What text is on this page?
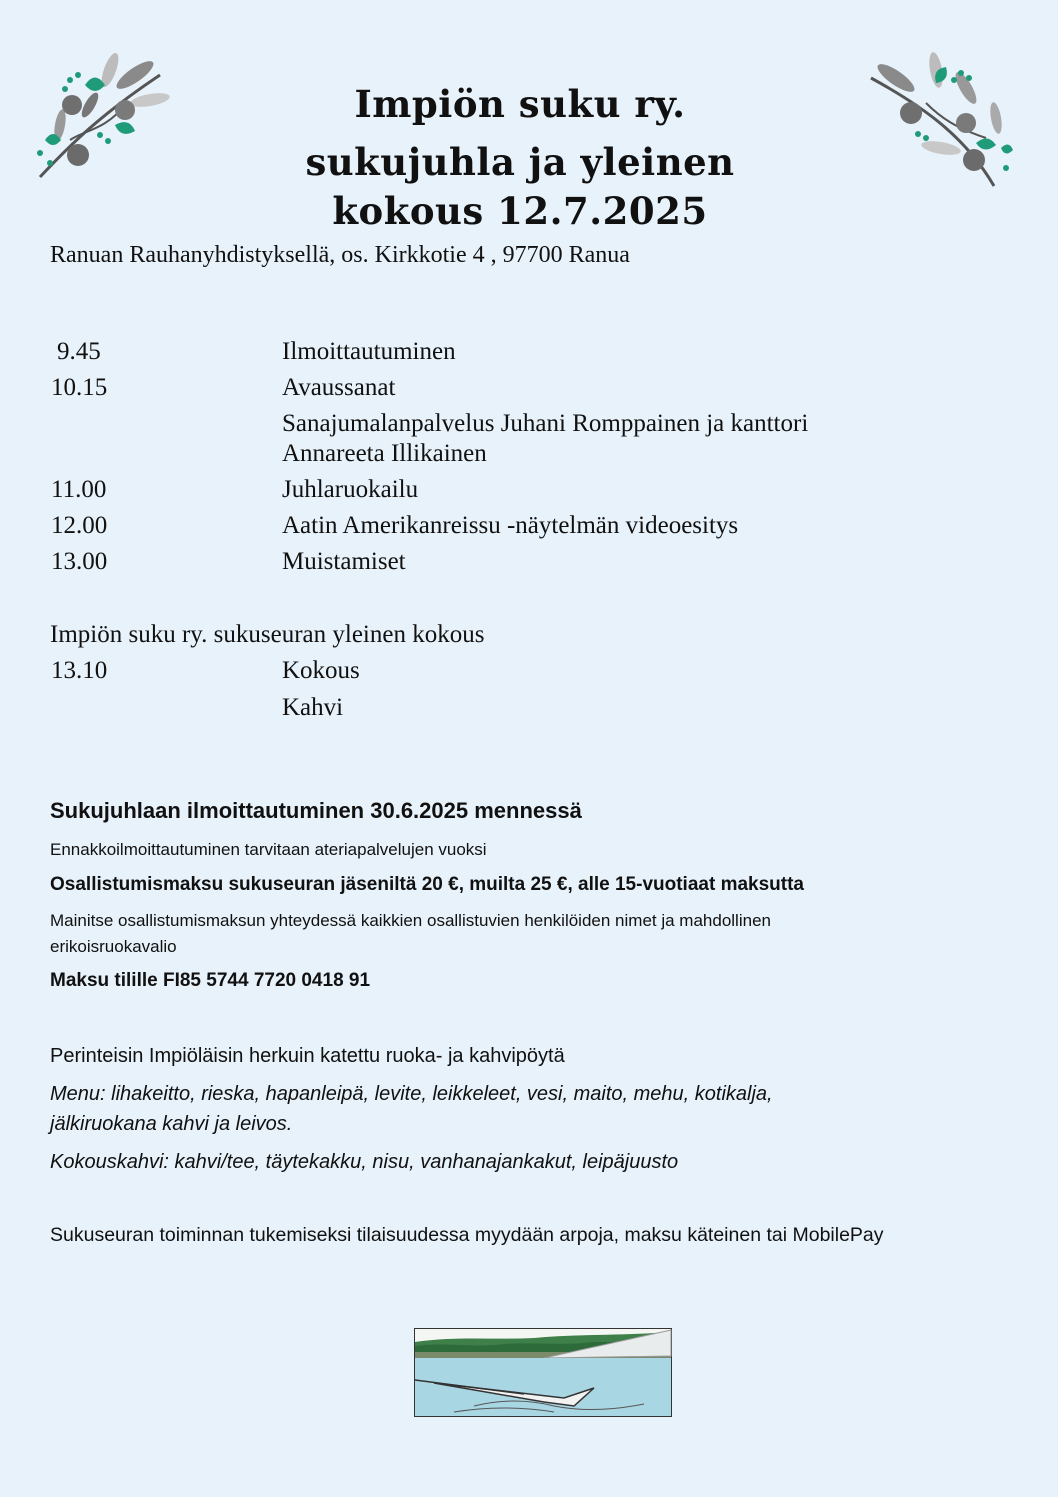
Impiön suku ry.
sukujuhla ja yleinen
kokous 12.7.2025
Ranuan Rauhanyhdistyksellä, os. Kirkkotie 4 , 97700 Ranua
9.45	Ilmoittautuminen
10.15	Avaussanat
Sanajumalanpalvelus Juhani Romppainen ja kanttori
Annareeta Illikainen
11.00	Juhlaruokailu
12.00	Aatin Amerikanreissu -näytelmän videoesitys
13.00	Muistamiset
Impiön suku ry. sukuseuran yleinen kokous
13.10	Kokous
Kahvi
Sukujuhlaan ilmoittautuminen 30.6.2025 mennessä
Ennakkoilmoittautuminen tarvitaan ateriapalvelujen vuoksi
Osallistumismaksu sukuseuran jäseniltä 20 €, muilta 25 €, alle 15-vuotiaat maksutta
Mainitse osallistumismaksun yhteydessä kaikkien osallistuvien henkilöiden nimet ja mahdollinen
erikoisruokavalio
Maksu tilille FI85 5744 7720 0418 91
Perinteisin Impiöläisin herkuin katettu ruoka- ja kahvipöytä
Menu: lihakeitto, rieska, hapanleipä, levite, leikkeleet, vesi, maito, mehu, kotikalja,
jälkiruokana kahvi ja leivos.
Kokouskahvi: kahvi/tee, täytekakku, nisu, vanhanajankakut, leipäjuusto
Sukuseuran toiminnan tukemiseksi tilaisuudessa myydään arpoja, maksu käteinen tai MobilePay
